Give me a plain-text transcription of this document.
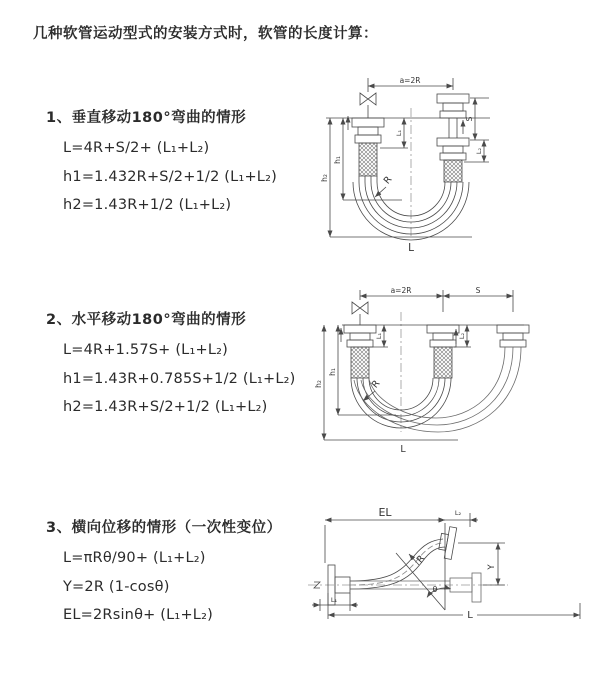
几种软管运动型式的安装方式时，软管的长度计算：

1、垂直移动180°弯曲的情形

L=4R+S/2+ (L₁+L₂)

h1=1.432R+S/2+1/2 (L₁+L₂)

h2=1.43R+1/2 (L₁+L₂)

2、水平移动180°弯曲的情形

L=4R+1.57S+ (L₁+L₂)

h1=1.43R+0.785S+1/2 (L₁+L₂)

h2=1.43R+S/2+1/2 (L₁+L₂)

3、横向位移的情形（一次性变位）

L=πRθ/90+ (L₁+L₂)

Y=2R (1-cosθ)

EL=2Rsinθ+ (L₁+L₂)

a=2R
L₁
S
L₂
h₁
h₂	R
L
a=2R	S
L₁	L₂
h₁
h₂	R
L
EL	L₂
Y
R
θ
L
L₁
